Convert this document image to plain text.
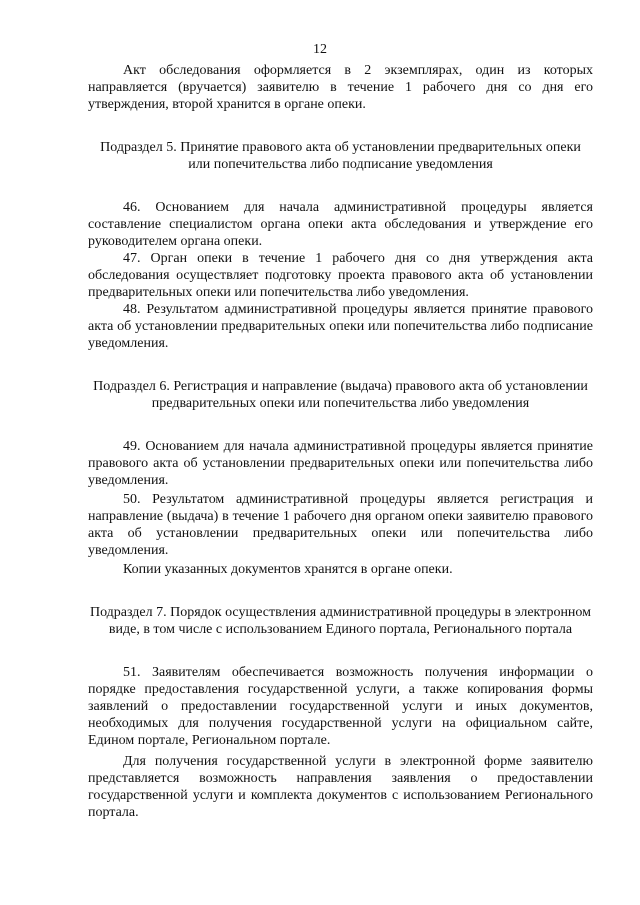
12

Акт обследования оформляется в 2 экземплярах, один из которых направляется (вручается) заявителю в течение 1 рабочего дня со дня его утверждения, второй хранится в органе опеки.

Подраздел 5. Принятие правового акта об установлении предварительных опеки или попечительства либо подписание уведомления

46. Основанием для начала административной процедуры является составление специалистом органа опеки акта обследования и утверждение его руководителем органа опеки.

47. Орган опеки в течение 1 рабочего дня со дня утверждения акта обследования осуществляет подготовку проекта правового акта об установлении предварительных опеки или попечительства либо уведомления.

48. Результатом административной процедуры является принятие правового акта об установлении предварительных опеки или попечительства либо подписание уведомления.

Подраздел 6. Регистрация и направление (выдача) правового акта об установлении предварительных опеки или попечительства либо уведомления

49. Основанием для начала административной процедуры является принятие правового акта об установлении предварительных опеки или попечительства либо уведомления.

50. Результатом административной процедуры является регистрация и направление (выдача) в течение 1 рабочего дня органом опеки заявителю правового акта об установлении предварительных опеки или попечительства либо уведомления.

Копии указанных документов хранятся в органе опеки.

Подраздел 7. Порядок осуществления административной процедуры в электронном виде, в том числе с использованием Единого портала, Регионального портала

51. Заявителям обеспечивается возможность получения информации о порядке предоставления государственной услуги, а также копирования формы заявлений о предоставлении государственной услуги и иных документов, необходимых для получения государственной услуги на официальном сайте, Едином портале, Региональном портале.

Для получения государственной услуги в электронной форме заявителю представляется возможность направления заявления о предоставлении государственной услуги и комплекта документов с использованием Регионального портала.
